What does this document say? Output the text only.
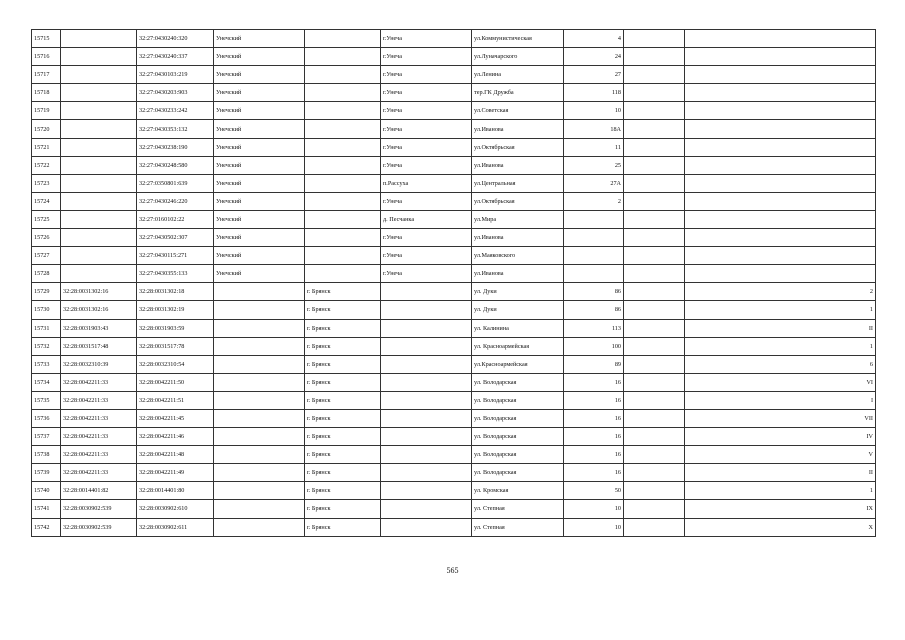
15715		32:27:0430240:320	Унечский		г.Унеча	ул.Коммунистическая	4		
15716		32:27:0430240:337	Унечский		г.Унеча	ул.Луначарского	24		
15717		32:27:0430103:219	Унечский		г.Унеча	ул.Ленина	27		
15718		32:27:0430203:903	Унечский		г.Унеча	тер.ГК Дружба	118		
15719		32:27:0430233:242	Унечский		г.Унеча	ул.Советская	10		
15720		32:27:0430353:132	Унечский		г.Унеча	ул.Иванова	18А		
15721		32:27:0430238:190	Унечский		г.Унеча	ул.Октябрьская	11		
15722		32:27:0430248:580	Унечский		г.Унеча	ул.Иванова	25		
15723		32:27:0350801:639	Унечский		п.Рассуха	ул.Центральная	27А		
15724		32:27:0430246:220	Унечский		г.Унеча	ул.Октябрьская	2		
15725		32:27:0160102:22	Унечский		д. Песчанка	ул.Мира			
15726		32:27:0430502:307	Унечский		г.Унеча	ул.Иванова			
15727		32:27:0430115:271	Унечский		г.Унеча	ул.Маяковского			
15728		32:27:0430355:133	Унечский		г.Унеча	ул.Иванова			
15729	32:28:0031302:16	32:28:0031302:18		г. Брянск		ул. Дуки	86		2
15730	32:28:0031302:16	32:28:0031302:19		г. Брянск		ул. Дуки	86		1
15731	32:28:0031903:43	32:28:0031903:59		г. Брянск		ул. Калинина	113		II
15732	32:28:0031517:48	32:28:0031517:78		г. Брянск		ул. Красноармейская	100		1
15733	32:28:0032310:39	32:28:0032310:54		г. Брянск		ул.Красноармейская	89		6
15734	32:28:0042211:33	32:28:0042211:50		г. Брянск		ул. Володарская	16		VI
15735	32:28:0042211:33	32:28:0042211:51		г. Брянск		ул. Володарская	16		I
15736	32:28:0042211:33	32:28:0042211:45		г. Брянск		ул. Володарская	16		VII
15737	32:28:0042211:33	32:28:0042211:46		г. Брянск		ул. Володарская	16		IV
15738	32:28:0042211:33	32:28:0042211:48		г. Брянск		ул. Володарская	16		V
15739	32:28:0042211:33	32:28:0042211:49		г. Брянск		ул. Володарская	16		II
15740	32:28:0014401:82	32:28:0014401:80		г. Брянск		ул. Кромская	50		1
15741	32:28:0030902:539	32:28:0030902:610		г. Брянск		ул. Степная	10		IX
15742	32:28:0030902:539	32:28:0030902:611		г. Брянск		ул. Степная	10		X
565
